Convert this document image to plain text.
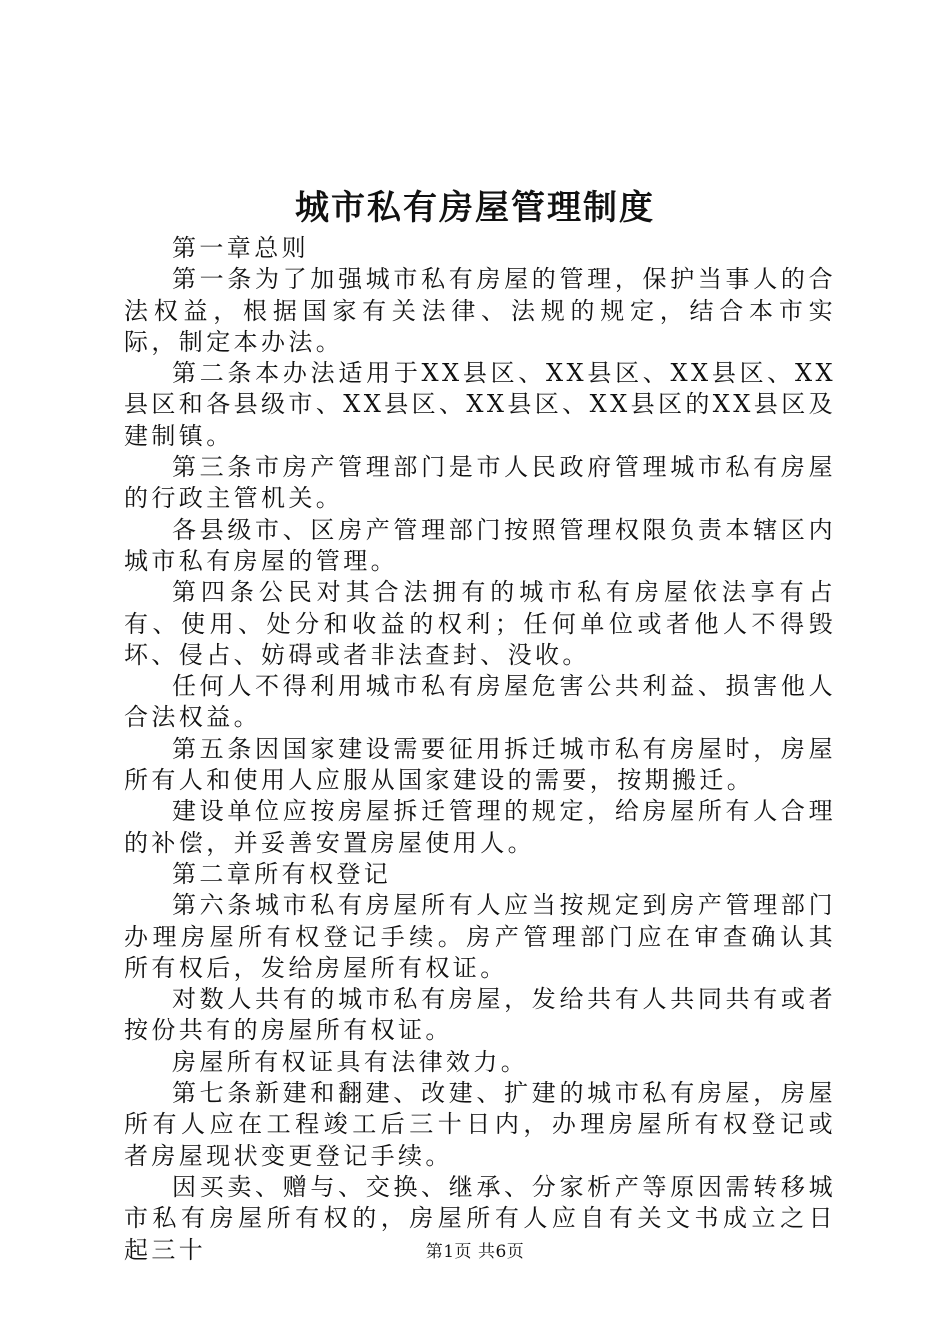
城市私有房屋管理制度

第一章总则

第一条为了加强城市私有房屋的管理，保护当事人的合法权益，根据国家有关法律、法规的规定，结合本市实际，制定本办法。

第二条本办法适用于XX县区、XX县区、XX县区、XX县区和各县级市、XX县区、XX县区、XX县区的XX县区及建制镇。

第三条市房产管理部门是市人民政府管理城市私有房屋的行政主管机关。

各县级市、区房产管理部门按照管理权限负责本辖区内城市私有房屋的管理。

第四条公民对其合法拥有的城市私有房屋依法享有占有、使用、处分和收益的权利；任何单位或者他人不得毁坏、侵占、妨碍或者非法查封、没收。

任何人不得利用城市私有房屋危害公共利益、损害他人合法权益。

第五条因国家建设需要征用拆迁城市私有房屋时，房屋所有人和使用人应服从国家建设的需要，按期搬迁。

建设单位应按房屋拆迁管理的规定，给房屋所有人合理的补偿，并妥善安置房屋使用人。

第二章所有权登记

第六条城市私有房屋所有人应当按规定到房产管理部门办理房屋所有权登记手续。房产管理部门应在审查确认其所有权后，发给房屋所有权证。

对数人共有的城市私有房屋，发给共有人共同共有或者按份共有的房屋所有权证。

房屋所有权证具有法律效力。

第七条新建和翻建、改建、扩建的城市私有房屋，房屋所有人应在工程竣工后三十日内，办理房屋所有权登记或者房屋现状变更登记手续。

因买卖、赠与、交换、继承、分家析产等原因需转移城市私有房屋所有权的，房屋所有人应自有关文书成立之日起三十	第1页 共6页
